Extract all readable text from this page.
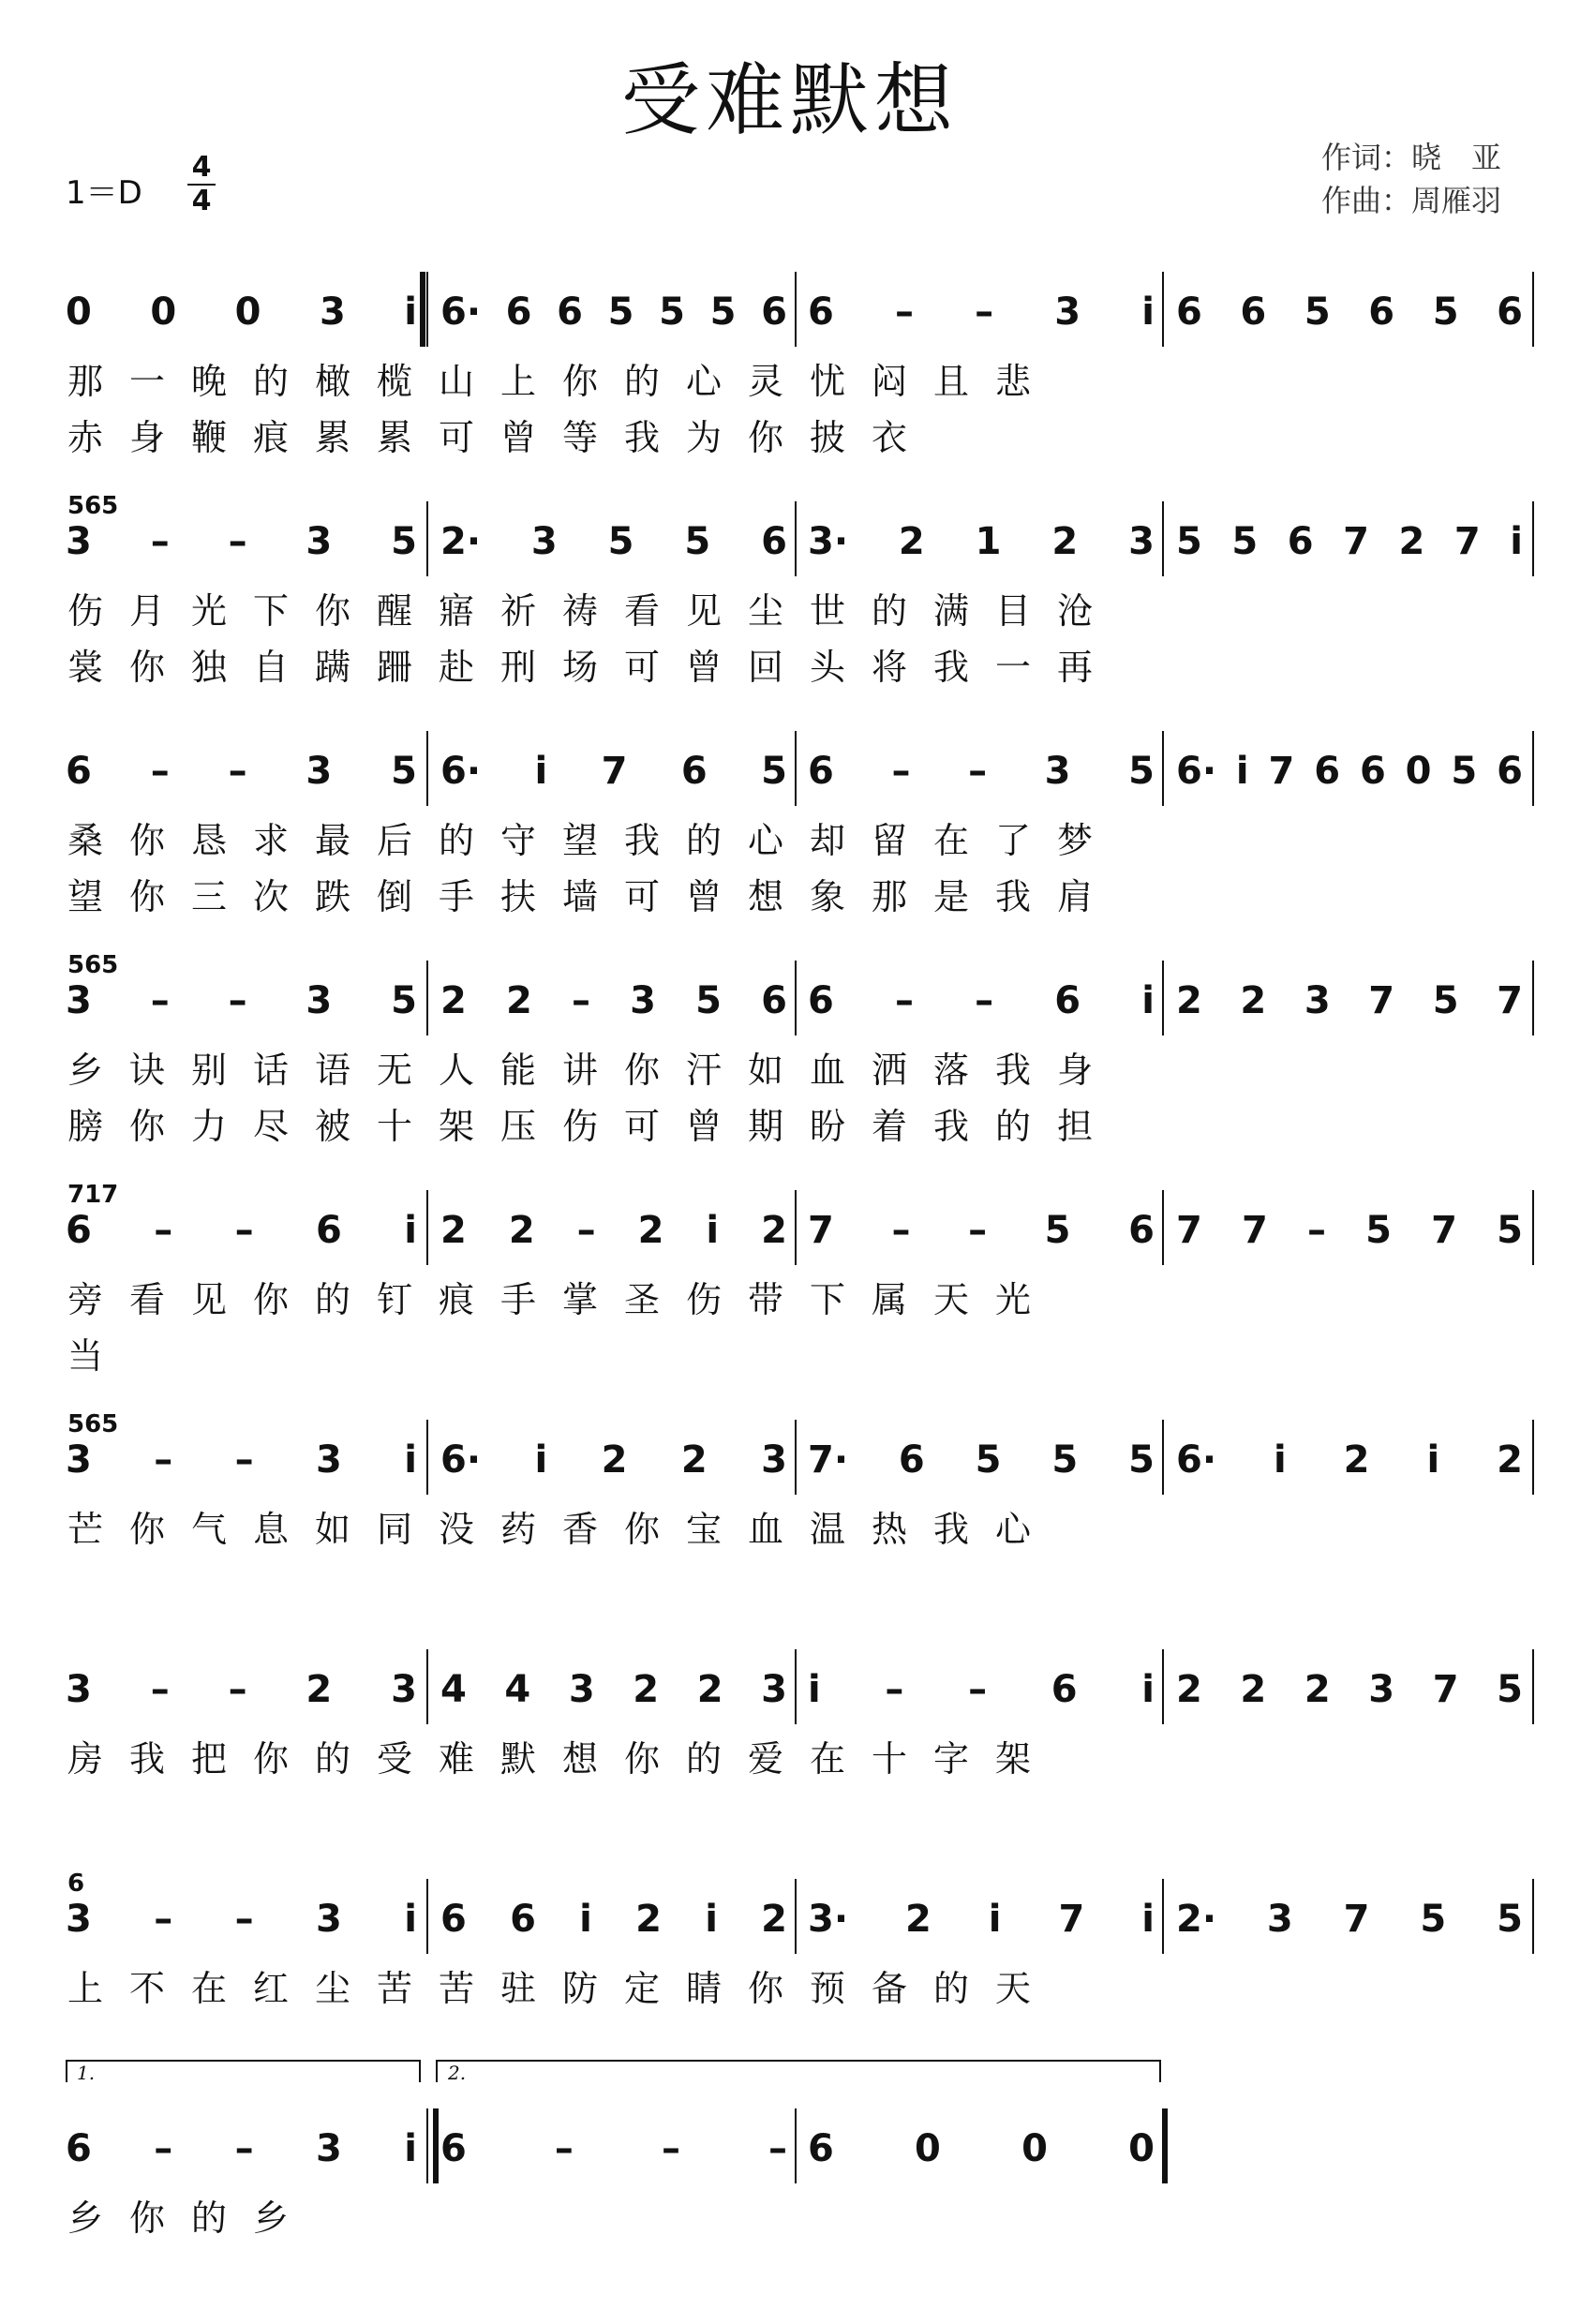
受难默想
1＝D
4
4
作词：晓　亚
作曲：周雁羽
0 0 0 3 i 6· 6 6 5 5 5 6 6 – – 3 i 6 6 5 6 5 6
那一晚的橄榄山上你的心灵忧闷且悲
赤身鞭痕累累可曾等我为你披衣
565
3 – – 3 5 2· 3 5 5 6 3· 2 1 2 3 5 5 6 7 2 7 i
伤月光下你醒寤祈祷看见尘世的满目沧
裳你独自蹒跚赴刑场可曾回头将我一再
6 – – 3 5 6· i 7 6 5 6 – – 3 5 6· i 7 6 6 0 5 6
桑你恳求最后的守望我的心却留在了梦
望你三次跌倒手扶墙可曾想象那是我肩
565
3 – – 3 5 2 2 – 3 5 6 6 – – 6 i 2 2 3 7 5 7
乡诀别话语无人能讲你汗如血洒落我身
膀你力尽被十架压伤可曾期盼着我的担
717
6 – – 6 i 2 2 – 2 i 2 7 – – 5 6 7 7 – 5 7 5
旁看见你的钉痕手掌圣伤带下属天光
当
565
3 – – 3 i 6· i 2 2 3 7· 6 5 5 5 6· i 2 i 2
芒你气息如同没药香你宝血温热我心
3 – – 2 3 4 4 3 2 2 3 i – – 6 i 2 2 2 3 7 5
房我把你的受难默想你的爱在十字架
6
3 – – 3 i 6 6 i 2 i 2 3· 2 i 7 i 2· 3 7 5 5
上不在红尘苦苦驻防定睛你预备的天
6 – – 3 i 6 – – – 6 0 0 0
1.	2.
乡你的乡
